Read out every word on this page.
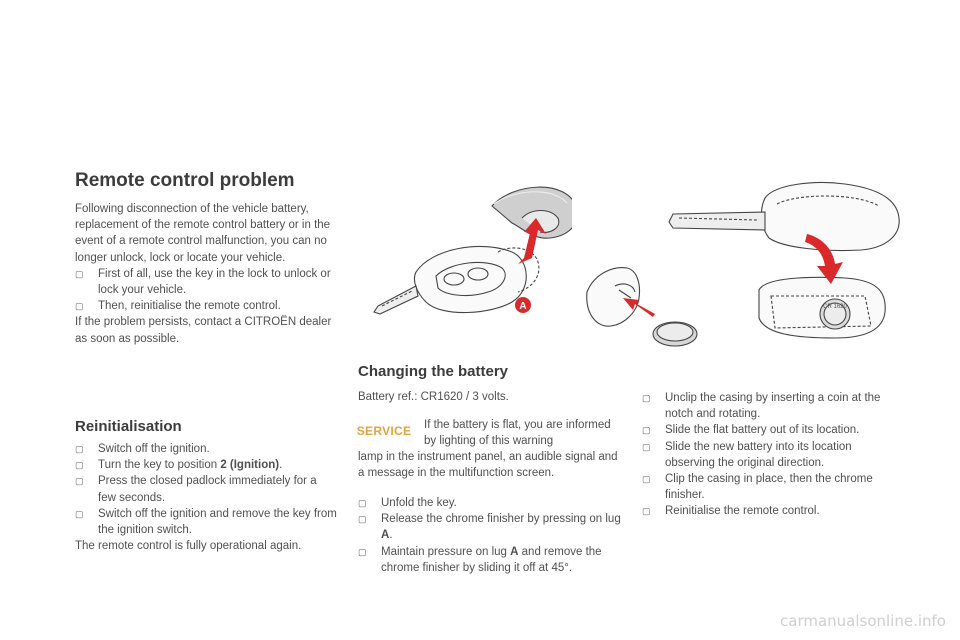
Remote control problem

Following disconnection of the vehicle battery, replacement of the remote control battery or in the event of a remote control malfunction, you can no longer unlock, lock or locate your vehicle.

▢ First of all, use the key in the lock to unlock or lock your vehicle.

▢ Then, reinitialise the remote control.

If the problem persists, contact a CITROËN dealer as soon as possible.

Reinitialisation

▢ Switch off the ignition.

▢ Turn the key to position 2 (Ignition).

▢ Press the closed padlock immediately for a few seconds.

▢ Switch off the ignition and remove the key from the ignition switch.

The remote control is fully operational again.

A	CR 1620
Changing the battery

Battery ref.: CR1620 / 3 volts.

SERVICE If the battery is flat, you are informed by lighting of this warning

lamp in the instrument panel, an audible signal and a message in the multifunction screen.

▢ Unfold the key.

▢ Release the chrome finisher by pressing on lug A.

▢ Maintain pressure on lug A and remove the chrome finisher by sliding it off at 45°.

▢ Unclip the casing by inserting a coin at the notch and rotating.

▢ Slide the flat battery out of its location.

▢ Slide the new battery into its location observing the original direction.

▢ Clip the casing in place, then the chrome finisher.

▢ Reinitialise the remote control.

carmanualsonline.info
